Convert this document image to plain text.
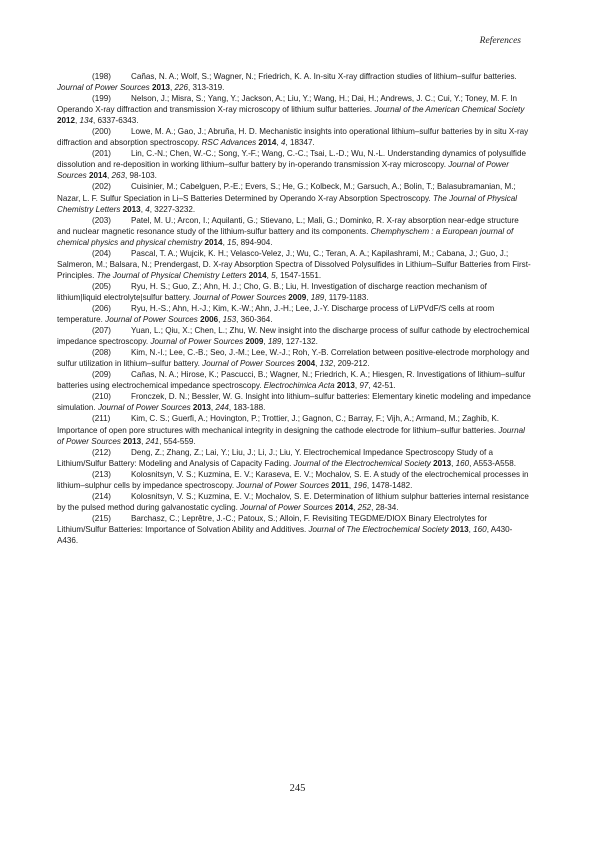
References

(198) Cañas, N. A.; Wolf, S.; Wagner, N.; Friedrich, K. A. In-situ X-ray diffraction studies of lithium–sulfur batteries. Journal of Power Sources 2013, 226, 313-319.

(199) Nelson, J.; Misra, S.; Yang, Y.; Jackson, A.; Liu, Y.; Wang, H.; Dai, H.; Andrews, J. C.; Cui, Y.; Toney, M. F. In Operando X-ray diffraction and transmission X-ray microscopy of lithium sulfur batteries. Journal of the American Chemical Society 2012, 134, 6337-6343.

(200) Lowe, M. A.; Gao, J.; Abruña, H. D. Mechanistic insights into operational lithium–sulfur batteries by in situ X-ray diffraction and absorption spectroscopy. RSC Advances 2014, 4, 18347.

(201) Lin, C.-N.; Chen, W.-C.; Song, Y.-F.; Wang, C.-C.; Tsai, L.-D.; Wu, N.-L. Understanding dynamics of polysulfide dissolution and re-deposition in working lithium–sulfur battery by in-operando transmission X-ray microscopy. Journal of Power Sources 2014, 263, 98-103.

(202) Cuisinier, M.; Cabelguen, P.-E.; Evers, S.; He, G.; Kolbeck, M.; Garsuch, A.; Bolin, T.; Balasubramanian, M.; Nazar, L. F. Sulfur Speciation in Li–S Batteries Determined by Operando X-ray Absorption Spectroscopy. The Journal of Physical Chemistry Letters 2013, 4, 3227-3232.

(203) Patel, M. U.; Arcon, I.; Aquilanti, G.; Stievano, L.; Mali, G.; Dominko, R. X-ray absorption near-edge structure and nuclear magnetic resonance study of the lithium-sulfur battery and its components. Chemphyschem : a European journal of chemical physics and physical chemistry 2014, 15, 894-904.

(204) Pascal, T. A.; Wujcik, K. H.; Velasco-Velez, J.; Wu, C.; Teran, A. A.; Kapilashrami, M.; Cabana, J.; Guo, J.; Salmeron, M.; Balsara, N.; Prendergast, D. X-ray Absorption Spectra of Dissolved Polysulfides in Lithium–Sulfur Batteries from First-Principles. The Journal of Physical Chemistry Letters 2014, 5, 1547-1551.

(205) Ryu, H. S.; Guo, Z.; Ahn, H. J.; Cho, G. B.; Liu, H. Investigation of discharge reaction mechanism of lithium|liquid electrolyte|sulfur battery. Journal of Power Sources 2009, 189, 1179-1183.

(206) Ryu, H.-S.; Ahn, H.-J.; Kim, K.-W.; Ahn, J.-H.; Lee, J.-Y. Discharge process of Li/PVdF/S cells at room temperature. Journal of Power Sources 2006, 153, 360-364.

(207) Yuan, L.; Qiu, X.; Chen, L.; Zhu, W. New insight into the discharge process of sulfur cathode by electrochemical impedance spectroscopy. Journal of Power Sources 2009, 189, 127-132.

(208) Kim, N.-I.; Lee, C.-B.; Seo, J.-M.; Lee, W.-J.; Roh, Y.-B. Correlation between positive-electrode morphology and sulfur utilization in lithium–sulfur battery. Journal of Power Sources 2004, 132, 209-212.

(209) Cañas, N. A.; Hirose, K.; Pascucci, B.; Wagner, N.; Friedrich, K. A.; Hiesgen, R. Investigations of lithium–sulfur batteries using electrochemical impedance spectroscopy. Electrochimica Acta 2013, 97, 42-51.

(210) Fronczek, D. N.; Bessler, W. G. Insight into lithium–sulfur batteries: Elementary kinetic modeling and impedance simulation. Journal of Power Sources 2013, 244, 183-188.

(211)	Kim, C. S.; Guerfi, A.; Hovington, P.; Trottier, J.; Gagnon, C.; Barray, F.; Vijh, A.; Armand, M.; Zaghib, K. Importance of open pore structures with mechanical integrity in designing the cathode electrode for lithium–sulfur batteries. Journal of Power Sources 2013, 241, 554-559.

(212) Deng, Z.; Zhang, Z.; Lai, Y.; Liu, J.; Li, J.; Liu, Y. Electrochemical Impedance Spectroscopy Study of a Lithium/Sulfur Battery: Modeling and Analysis of Capacity Fading. Journal of the Electrochemical Society 2013, 160, A553-A558.

(213) Kolosnitsyn, V. S.; Kuzmina, E. V.; Karaseva, E. V.; Mochalov, S. E. A study of the electrochemical processes in lithium–sulphur cells by impedance spectroscopy. Journal of Power Sources 2011, 196, 1478-1482.

(214) Kolosnitsyn, V. S.; Kuzmina, E. V.; Mochalov, S. E. Determination of lithium sulphur batteries internal resistance by the pulsed method during galvanostatic cycling. Journal of Power Sources 2014, 252, 28-34.

(215) Barchasz, C.; Leprêtre, J.-C.; Patoux, S.; Alloin, F. Revisiting TEGDME/DIOX Binary Electrolytes for Lithium/Sulfur Batteries: Importance of Solvation Ability and Additives. Journal of The Electrochemical Society 2013, 160, A430-A436.

245
